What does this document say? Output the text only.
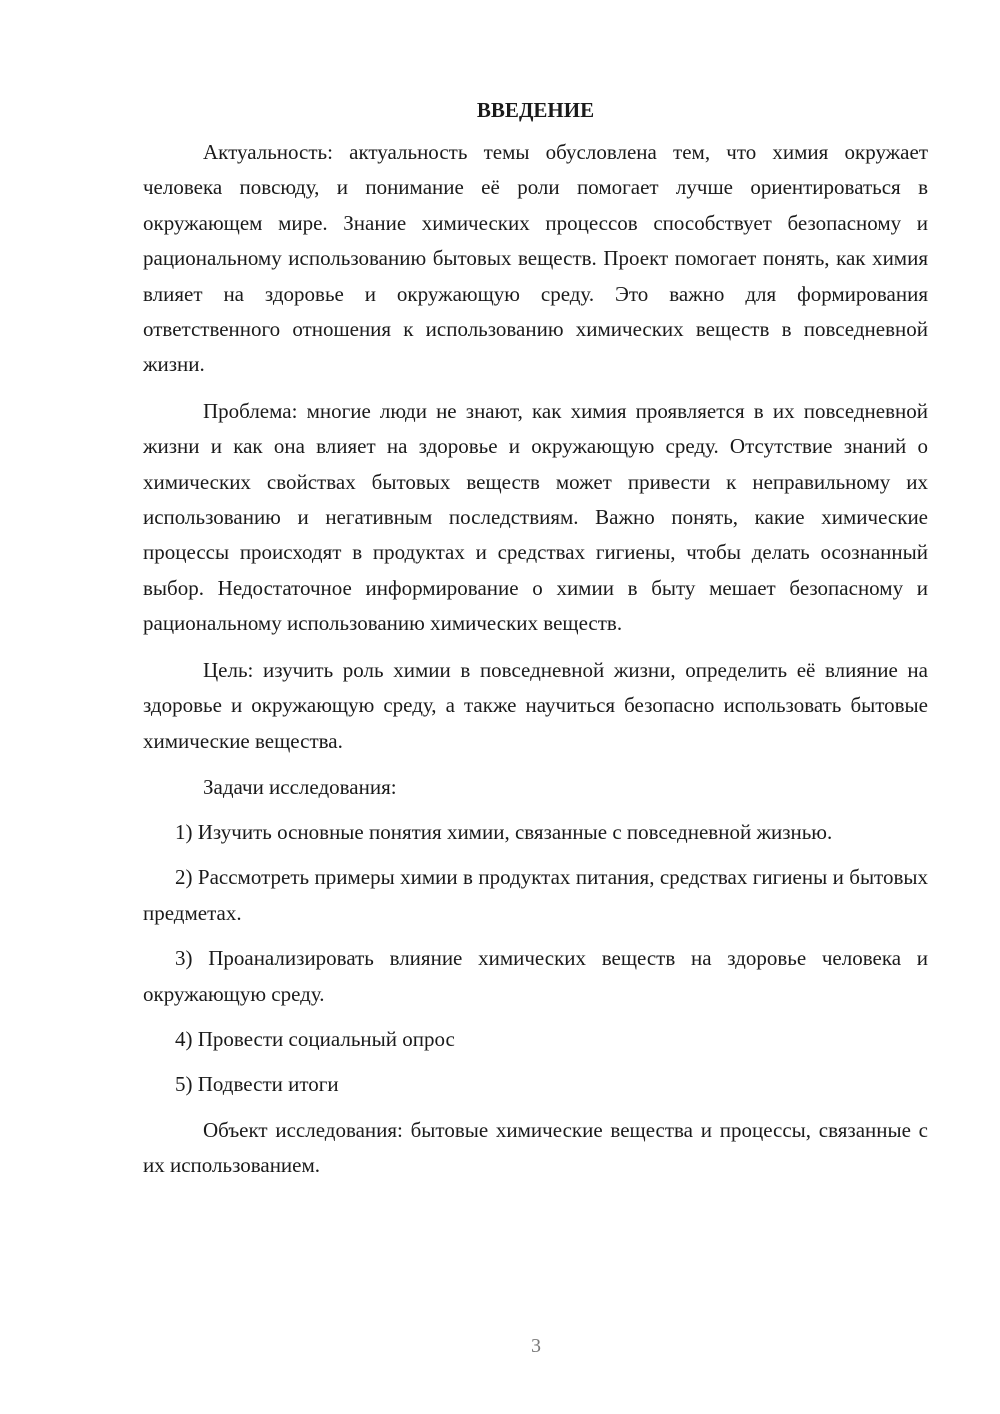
ВВЕДЕНИЕ

Актуальность: актуальность темы обусловлена тем, что химия окружает человека повсюду, и понимание её роли помогает лучше ориентироваться в окружающем мире. Знание химических процессов способствует безопасному и рациональному использованию бытовых веществ. Проект помогает понять, как химия влияет на здоровье и окружающую среду. Это важно для формирования ответственного отношения к использованию химических веществ в повседневной жизни.

Проблема: многие люди не знают, как химия проявляется в их повседневной жизни и как она влияет на здоровье и окружающую среду. Отсутствие знаний о химических свойствах бытовых веществ может привести к неправильному их использованию и негативным последствиям. Важно понять, какие химические процессы происходят в продуктах и средствах гигиены, чтобы делать осознанный выбор. Недостаточное информирование о химии в быту мешает безопасному и рациональному использованию химических веществ.

Цель: изучить роль химии в повседневной жизни, определить её влияние на здоровье и окружающую среду, а также научиться безопасно использовать бытовые химические вещества.

Задачи исследования:

1) Изучить основные понятия химии, связанные с повседневной жизнью.

2) Рассмотреть примеры химии в продуктах питания, средствах гигиены и бытовых предметах.

3) Проанализировать влияние химических веществ на здоровье человека и окружающую среду.

4) Провести социальный опрос

5) Подвести итоги

Объект исследования: бытовые химические вещества и процессы, связанные с их использованием.

3
